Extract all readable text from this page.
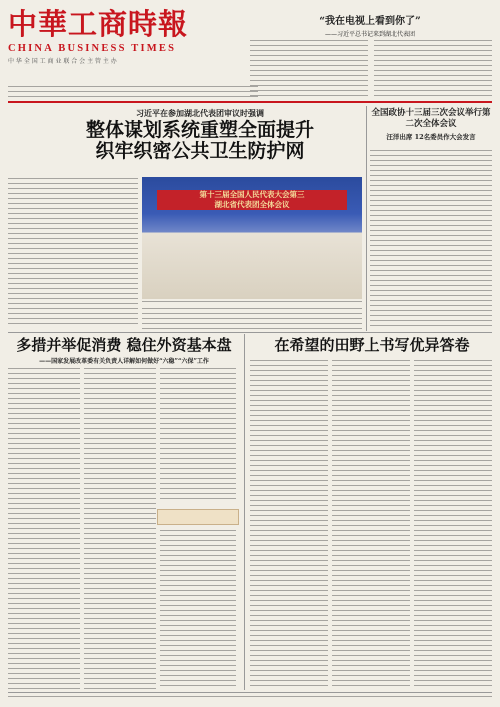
中華工商時報
CHINA BUSINESS TIMES
中 华 全 国 工 商 业 联 合 会 主 管 主 办
“我在电视上看到你了”
——习近平总书记来到湖北代表团
习近平在参加湖北代表团审议时强调
整体谋划系统重塑全面提升
织牢织密公共卫生防护网
全国政协十三届三次会议举行第二次全体会议
汪洋出席 12名委员作大会发言
第十三届全国人民代表大会第三
湖北省代表团全体会议
多措并举促消费 稳住外资基本盘
——国家发展改革委有关负责人详解如何做好“六稳”“六保”工作
在希望的田野上书写优异答卷
